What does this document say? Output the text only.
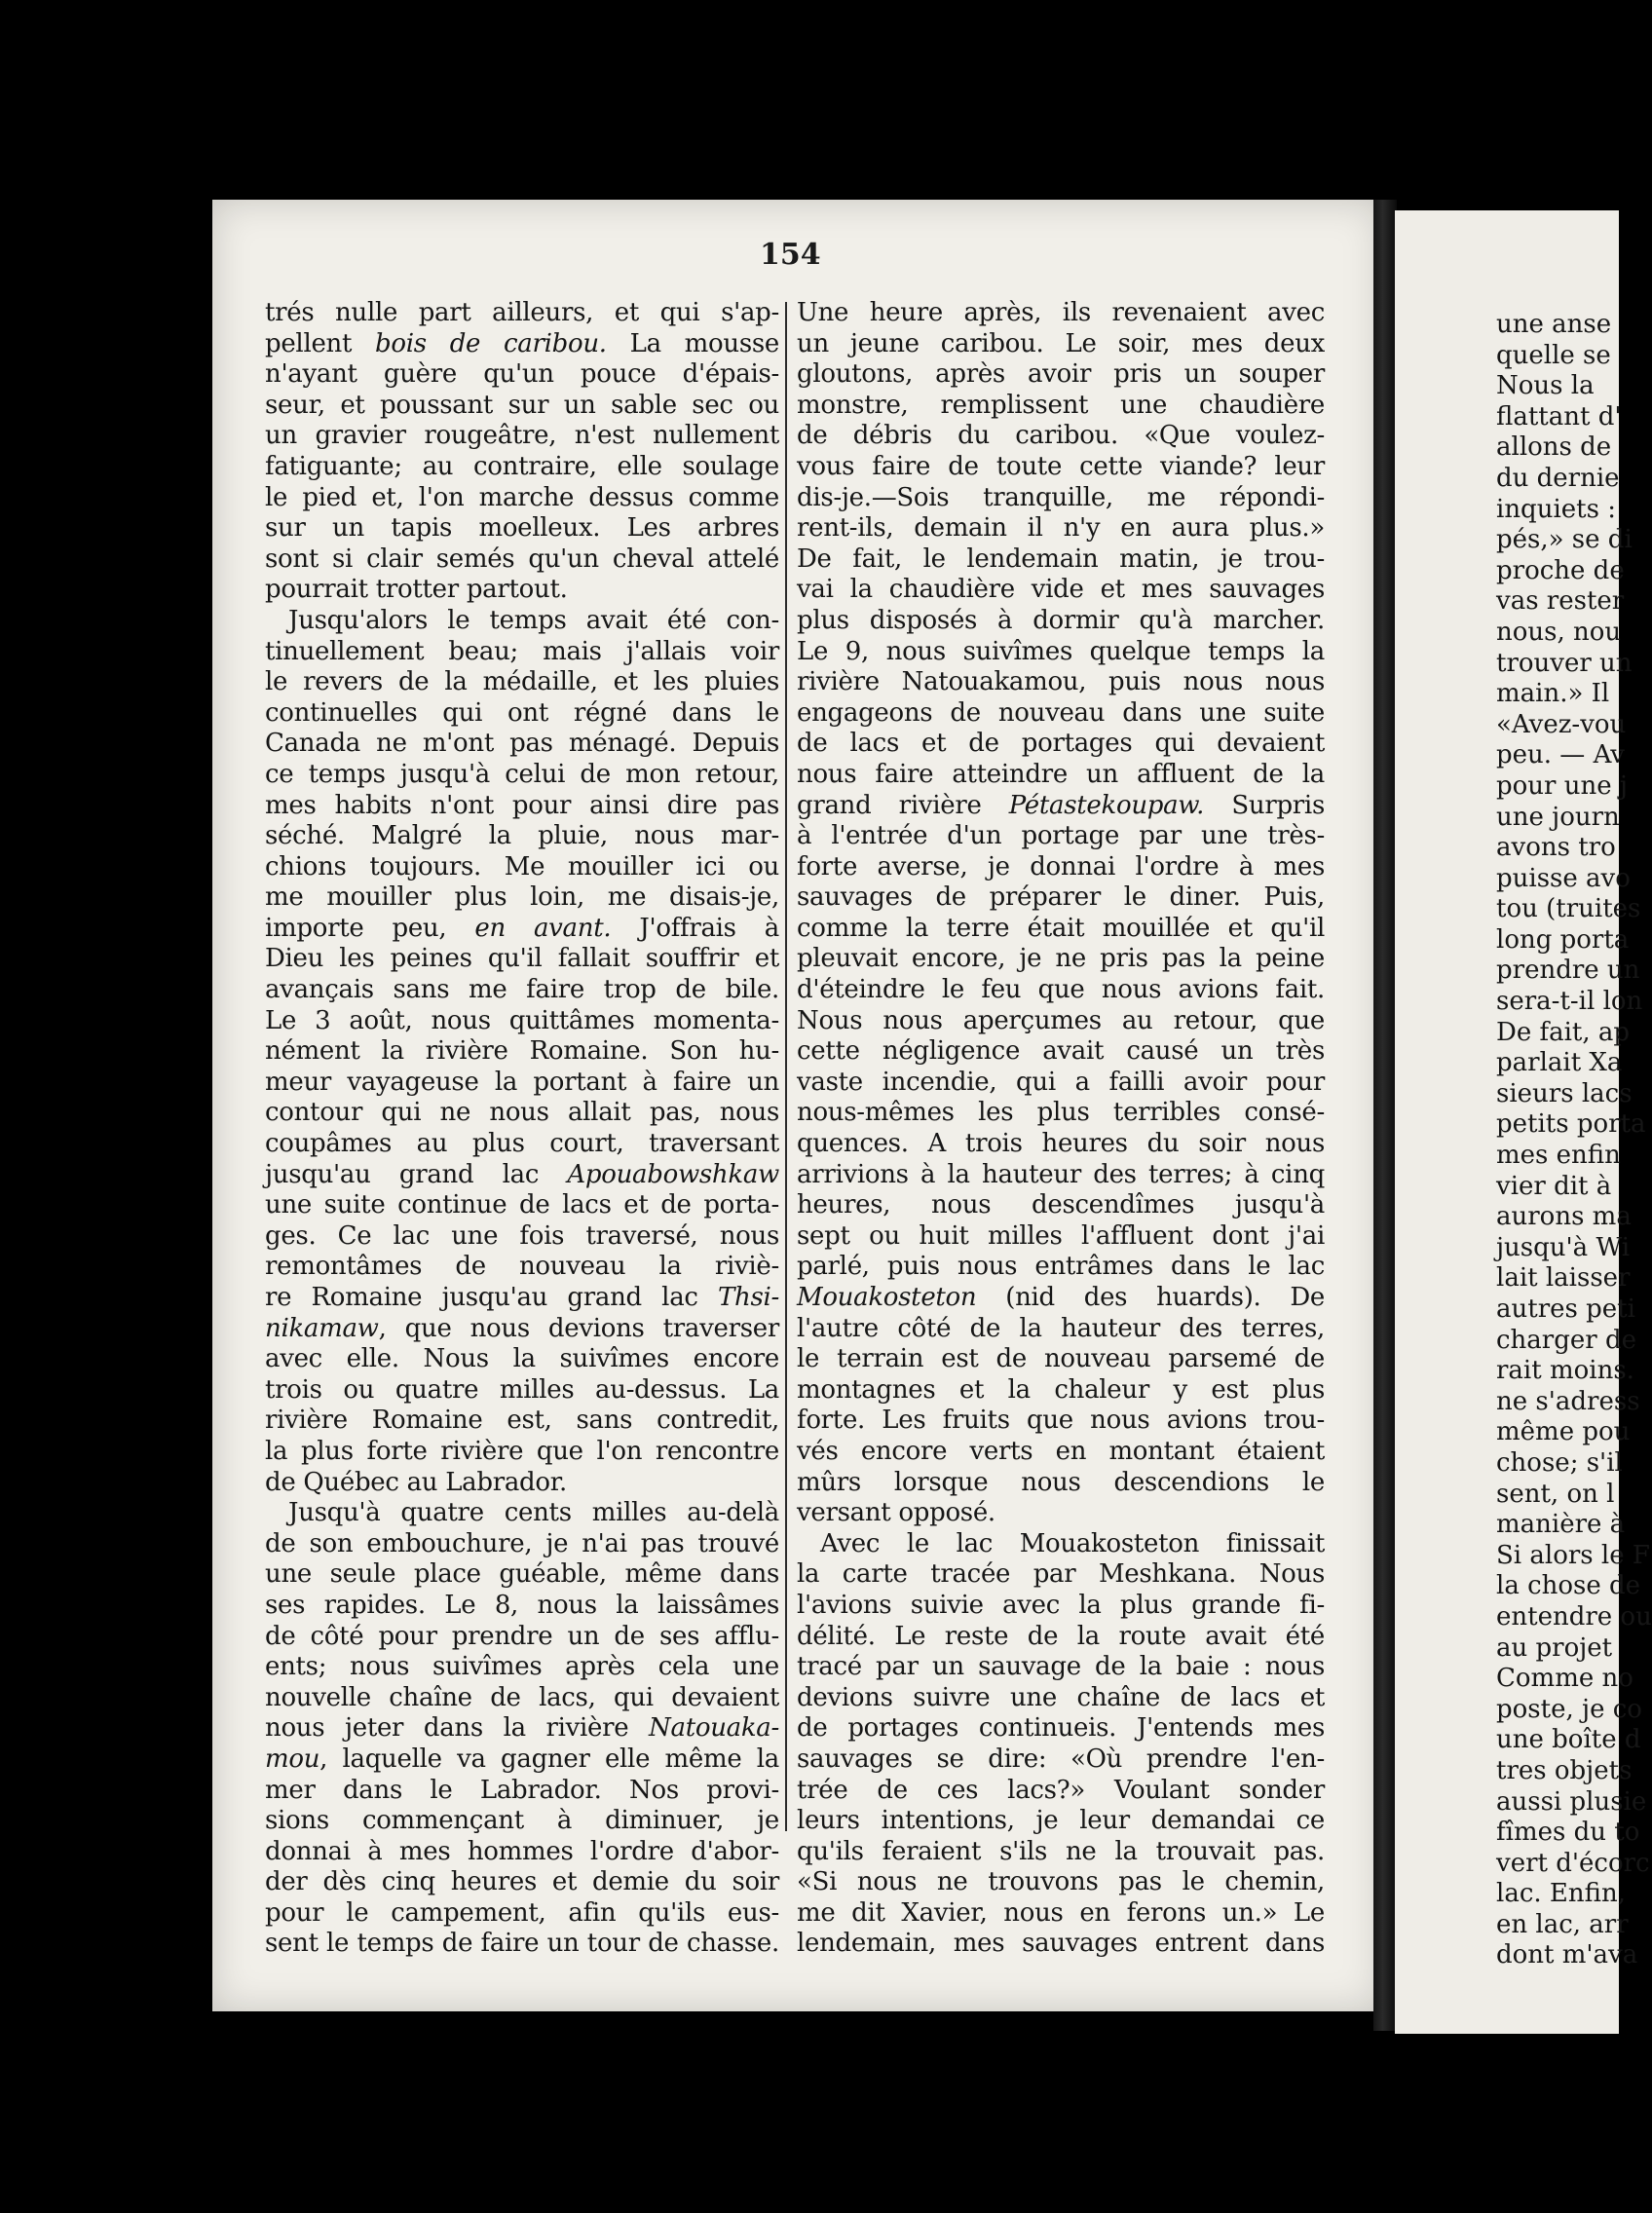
154
trés nulle part ailleurs, et qui s'ap-
pellent bois de caribou. La mousse
n'ayant guère qu'un pouce d'épais-
seur, et poussant sur un sable sec ou
un gravier rougeâtre, n'est nullement
fatiguante; au contraire, elle soulage
le pied et, l'on marche dessus comme
sur un tapis moelleux. Les arbres
sont si clair semés qu'un cheval attelé
pourrait trotter partout.
Jusqu'alors le temps avait été con-
tinuellement beau; mais j'allais voir
le revers de la médaille, et les pluies
continuelles qui ont régné dans le
Canada ne m'ont pas ménagé. Depuis
ce temps jusqu'à celui de mon retour,
mes habits n'ont pour ainsi dire pas
séché. Malgré la pluie, nous mar-
chions toujours. Me mouiller ici ou
me mouiller plus loin, me disais-je,
importe peu, en avant. J'offrais à
Dieu les peines qu'il fallait souffrir et
avançais sans me faire trop de bile.
Le 3 août, nous quittâmes momenta-
nément la rivière Romaine. Son hu-
meur vayageuse la portant à faire un
contour qui ne nous allait pas, nous
coupâmes au plus court, traversant
jusqu'au grand lac Apouabowshkaw
une suite continue de lacs et de porta-
ges. Ce lac une fois traversé, nous
remontâmes de nouveau la riviè-
re Romaine jusqu'au grand lac Thsi-
nikamaw, que nous devions traverser
avec elle. Nous la suivîmes encore
trois ou quatre milles au-dessus. La
rivière Romaine est, sans contredit,
la plus forte rivière que l'on rencontre
de Québec au Labrador.
Jusqu'à quatre cents milles au-delà
de son embouchure, je n'ai pas trouvé
une seule place guéable, même dans
ses rapides. Le 8, nous la laissâmes
de côté pour prendre un de ses afflu-
ents; nous suivîmes après cela une
nouvelle chaîne de lacs, qui devaient
nous jeter dans la rivière Natouaka-
mou, laquelle va gagner elle même la
mer dans le Labrador. Nos provi-
sions commençant à diminuer, je
donnai à mes hommes l'ordre d'abor-
der dès cinq heures et demie du soir
pour le campement, afin qu'ils eus-
sent le temps de faire un tour de chasse.
Une heure après, ils revenaient avec
un jeune caribou. Le soir, mes deux
gloutons, après avoir pris un souper
monstre, remplissent une chaudière
de débris du caribou. «Que voulez-
vous faire de toute cette viande? leur
dis-je.—Sois tranquille, me répondi-
rent-ils, demain il n'y en aura plus.»
De fait, le lendemain matin, je trou-
vai la chaudière vide et mes sauvages
plus disposés à dormir qu'à marcher.
Le 9, nous suivîmes quelque temps la
rivière Natouakamou, puis nous nous
engageons de nouveau dans une suite
de lacs et de portages qui devaient
nous faire atteindre un affluent de la
grand rivière Pétastekoupaw. Surpris
à l'entrée d'un portage par une très-
forte averse, je donnai l'ordre à mes
sauvages de préparer le diner. Puis,
comme la terre était mouillée et qu'il
pleuvait encore, je ne pris pas la peine
d'éteindre le feu que nous avions fait.
Nous nous aperçumes au retour, que
cette négligence avait causé un très
vaste incendie, qui a failli avoir pour
nous-mêmes les plus terribles consé-
quences. A trois heures du soir nous
arrivions à la hauteur des terres; à cinq
heures, nous descendîmes jusqu'à
sept ou huit milles l'affluent dont j'ai
parlé, puis nous entrâmes dans le lac
Mouakosteton (nid des huards). De
l'autre côté de la hauteur des terres,
le terrain est de nouveau parsemé de
montagnes et la chaleur y est plus
forte. Les fruits que nous avions trou-
vés encore verts en montant étaient
mûrs lorsque nous descendions le
versant opposé.
Avec le lac Mouakosteton finissait
la carte tracée par Meshkana. Nous
l'avions suivie avec la plus grande fi-
délité. Le reste de la route avait été
tracé par un sauvage de la baie : nous
devions suivre une chaîne de lacs et
de portages continueis. J'entends mes
sauvages se dire: «Où prendre l'en-
trée de ces lacs?» Voulant sonder
leurs intentions, je leur demandai ce
qu'ils feraient s'ils ne la trouvait pas.
«Si nous ne trouvons pas le chemin,
me dit Xavier, nous en ferons un.» Le
lendemain, mes sauvages entrent dans
une anse
quelle se
Nous la
flattant d'
allons de
du dernie
inquiets :
pés,» se di
proche de
vas rester
nous, nou
trouver un
main.» Il
«Avez-vou
peu. — Av
pour une j
une journ
avons tro
puisse avo
tou (truites
long porta
prendre un
sera-t-il lon
De fait, ap
parlait Xa
sieurs lacs
petits porta
mes enfin
vier dit à
aurons ma
jusqu'à Wi
lait laisser
autres peti
charger de
rait moins.
ne s'adress
même pou
chose; s'il
sent, on l
manière à
Si alors le F
la chose de
entendre ou
au projet
Comme no
poste, je co
une boîte d
tres objets
aussi plusie
fîmes du to
vert d'écorc
lac. Enfin,
en lac, arr
dont m'ava
